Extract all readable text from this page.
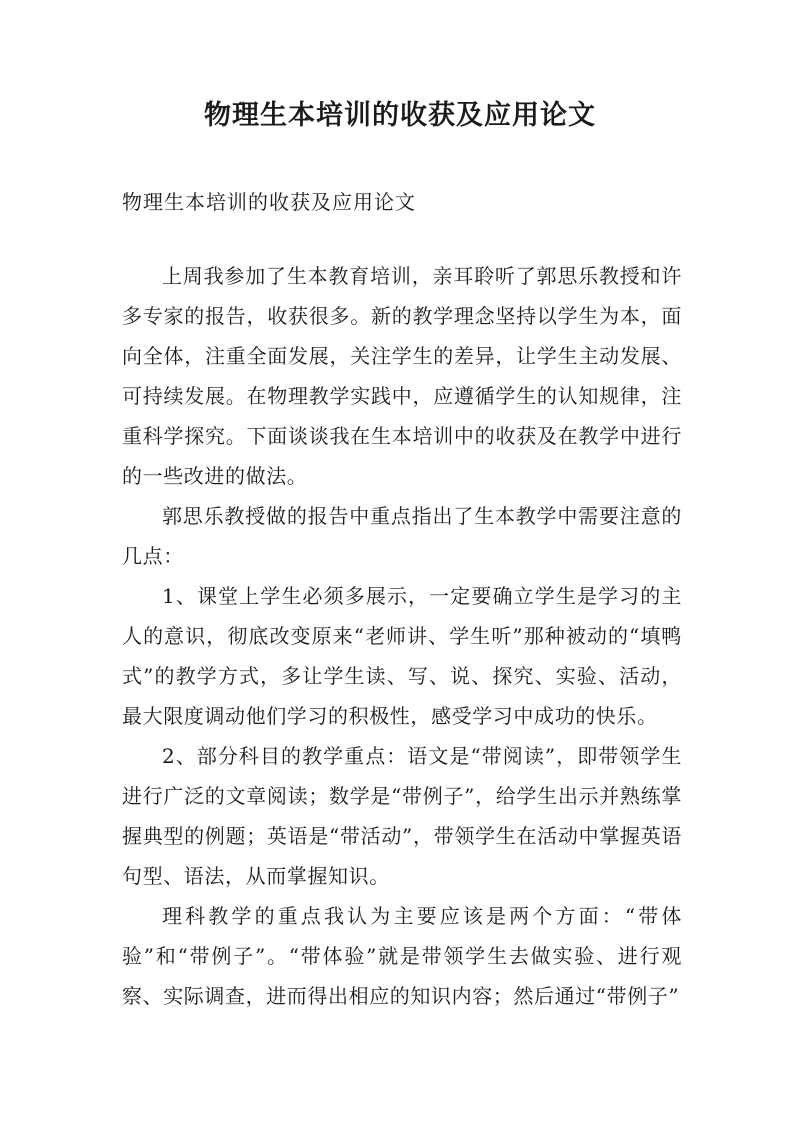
物理生本培训的收获及应用论文

物理生本培训的收获及应用论文

上周我参加了生本教育培训，亲耳聆听了郭思乐教授和许多专家的报告，收获很多。新的教学理念坚持以学生为本，面向全体，注重全面发展，关注学生的差异，让学生主动发展、可持续发展。在物理教学实践中，应遵循学生的认知规律，注重科学探究。下面谈谈我在生本培训中的收获及在教学中进行的一些改进的做法。

郭思乐教授做的报告中重点指出了生本教学中需要注意的几点：

1、课堂上学生必须多展示，一定要确立学生是学习的主人的意识，彻底改变原来“老师讲、学生听”那种被动的“填鸭式”的教学方式，多让学生读、写、说、探究、实验、活动，最大限度调动他们学习的积极性，感受学习中成功的快乐。

2、部分科目的教学重点：语文是“带阅读”，即带领学生进行广泛的文章阅读；数学是“带例子”，给学生出示并熟练掌握典型的例题；英语是“带活动”，带领学生在活动中掌握英语句型、语法，从而掌握知识。

理科教学的重点我认为主要应该是两个方面：“带体验”和“带例子”。“带体验”就是带领学生去做实验、进行观察、实际调查，进而得出相应的知识内容；然后通过“带例子”
